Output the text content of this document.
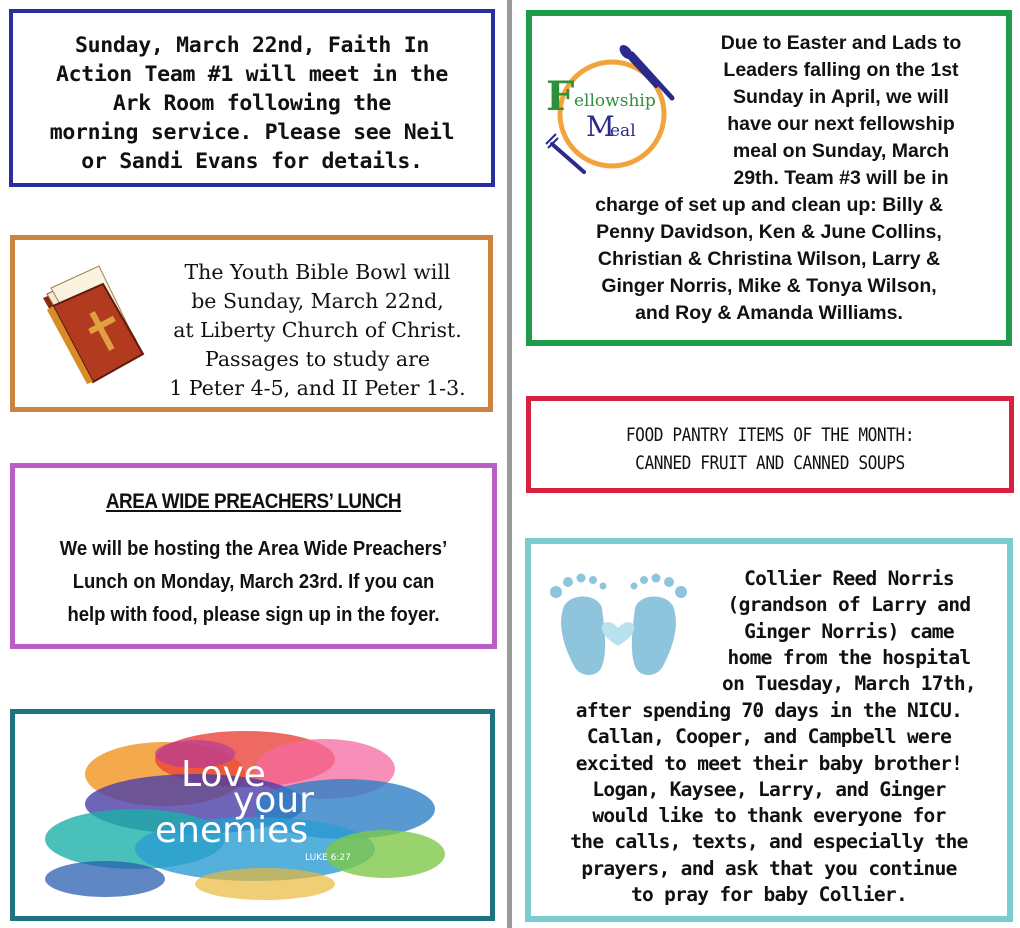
Sunday, March 22nd, Faith In
Action Team #1 will meet in the
Ark Room following the
morning service. Please see Neil
or Sandi Evans for details.
The Youth Bible Bowl will
be Sunday, March 22nd,
at Liberty Church of Christ.
Passages to study are
1 Peter 4-5, and II Peter 1-3.
AREA WIDE PREACHERS’ LUNCH
We will be hosting the Area Wide Preachers’
Lunch on Monday, March 23rd. If you can
help with food, please sign up in the foyer.
Love
your
enemies
LUKE 6:27
F ellowship
M
eal
Due to Easter and Lads to
Leaders falling on the 1st
Sunday in April, we will
have our next fellowship
meal on Sunday, March
29th. Team #3 will be in
charge of set up and clean up: Billy &
Penny Davidson, Ken & June Collins,
Christian & Christina Wilson, Larry &
Ginger Norris, Mike & Tonya Wilson,
and Roy & Amanda Williams.
FOOD PANTRY ITEMS OF THE MONTH:
CANNED FRUIT AND CANNED SOUPS
Collier Reed Norris
(grandson of Larry and
Ginger Norris) came
home from the hospital
on Tuesday, March 17th,
after spending 70 days in the NICU.
Callan, Cooper, and Campbell were
excited to meet their baby brother!
Logan, Kaysee, Larry, and Ginger
would like to thank everyone for
the calls, texts, and especially the
prayers, and ask that you continue
to pray for baby Collier.
